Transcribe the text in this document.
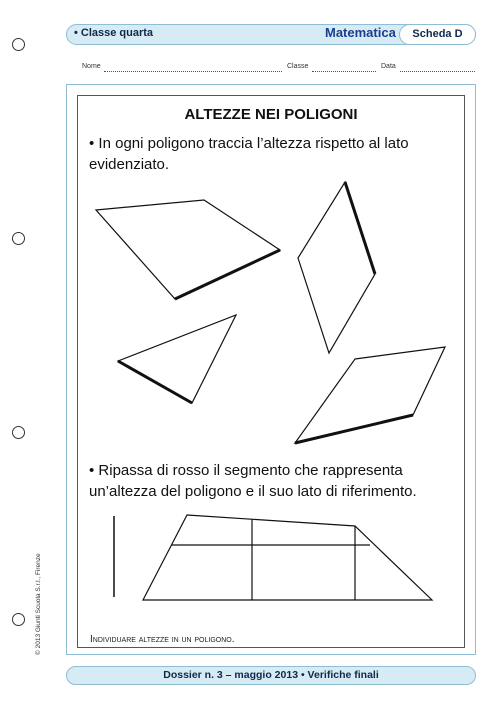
• Classe quarta	Matematica	Scheda D
Nome	Classe	Data
ALTEZZE NEI POLIGONI
• In ogni poligono traccia l’altezza rispetto al lato evidenziato.
• Ripassa di rosso il segmento che rappresenta un’altezza del poligono e il suo lato di riferimento.
Individuare altezze in un poligono.
© 2013 Giunti Scuola S.r.l., Firenze
Dossier n. 3 – maggio 2013 • Verifiche finali
